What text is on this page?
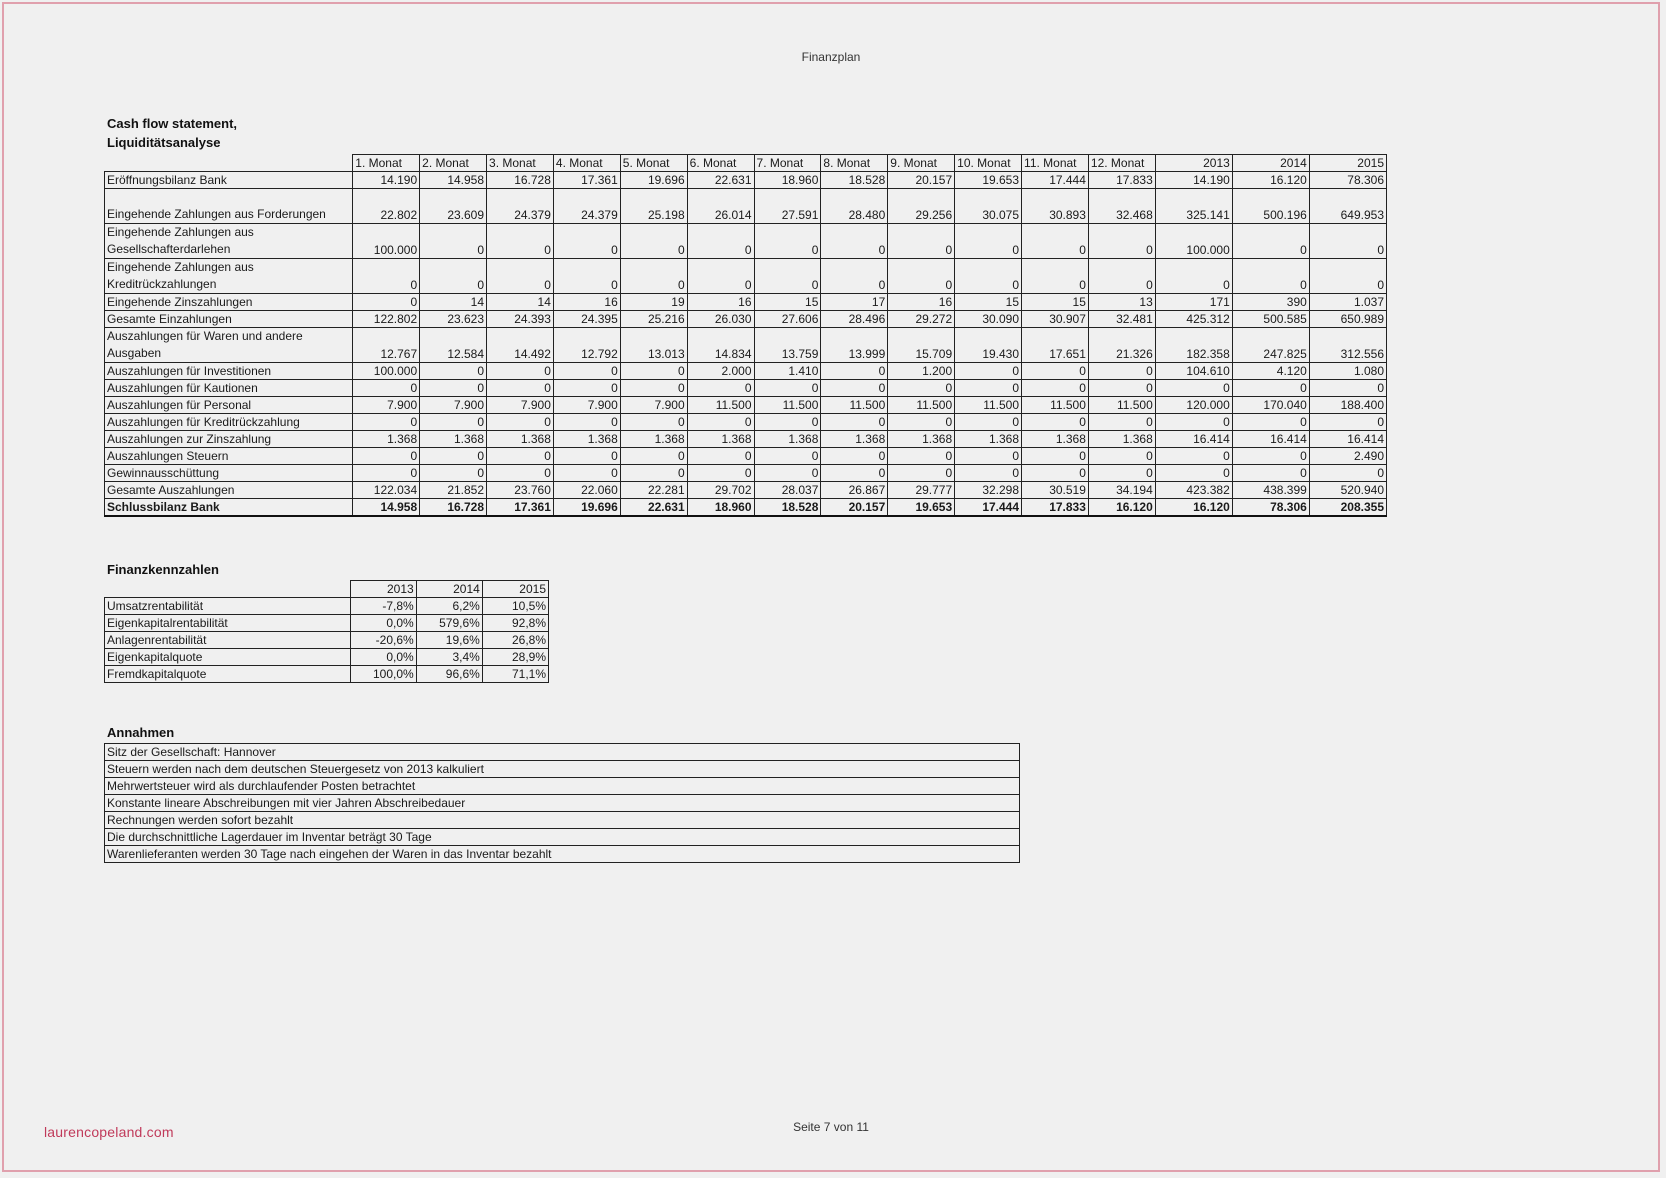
Finanzplan
Cash flow statement,
Liquiditätsanalyse
	1. Monat	2. Monat	3. Monat	4. Monat	5. Monat	6. Monat	7. Monat	8. Monat	9. Monat	10. Monat	11. Monat	12. Monat	2013	2014	2015
Eröffnungsbilanz Bank	14.190	14.958	16.728	17.361	19.696	22.631	18.960	18.528	20.157	19.653	17.444	17.833	14.190	16.120	78.306
Eingehende Zahlungen aus Forderungen	22.802	23.609	24.379	24.379	25.198	26.014	27.591	28.480	29.256	30.075	30.893	32.468	325.141	500.196	649.953
Eingehende Zahlungen aus Gesellschafterdarlehen	100.000	0	0	0	0	0	0	0	0	0	0	0	100.000	0	0
Eingehende Zahlungen aus Kreditrückzahlungen	0	0	0	0	0	0	0	0	0	0	0	0	0	0	0
Eingehende Zinszahlungen	0	14	14	16	19	16	15	17	16	15	15	13	171	390	1.037
Gesamte Einzahlungen	122.802	23.623	24.393	24.395	25.216	26.030	27.606	28.496	29.272	30.090	30.907	32.481	425.312	500.585	650.989
Auszahlungen für Waren und andere Ausgaben	12.767	12.584	14.492	12.792	13.013	14.834	13.759	13.999	15.709	19.430	17.651	21.326	182.358	247.825	312.556
Auszahlungen für Investitionen	100.000	0	0	0	0	2.000	1.410	0	1.200	0	0	0	104.610	4.120	1.080
Auszahlungen für Kautionen	0	0	0	0	0	0	0	0	0	0	0	0	0	0	0
Auszahlungen für Personal	7.900	7.900	7.900	7.900	7.900	11.500	11.500	11.500	11.500	11.500	11.500	11.500	120.000	170.040	188.400
Auszahlungen für Kreditrückzahlung	0	0	0	0	0	0	0	0	0	0	0	0	0	0	0
Auszahlungen zur Zinszahlung	1.368	1.368	1.368	1.368	1.368	1.368	1.368	1.368	1.368	1.368	1.368	1.368	16.414	16.414	16.414
Auszahlungen Steuern	0	0	0	0	0	0	0	0	0	0	0	0	0	0	2.490
Gewinnausschüttung	0	0	0	0	0	0	0	0	0	0	0	0	0	0	0
Gesamte Auszahlungen	122.034	21.852	23.760	22.060	22.281	29.702	28.037	26.867	29.777	32.298	30.519	34.194	423.382	438.399	520.940
Schlussbilanz Bank	14.958	16.728	17.361	19.696	22.631	18.960	18.528	20.157	19.653	17.444	17.833	16.120	16.120	78.306	208.355
Finanzkennzahlen
	2013	2014	2015
Umsatzrentabilität	-7,8%	6,2%	10,5%
Eigenkapitalrentabilität	0,0%	579,6%	92,8%
Anlagenrentabilität	-20,6%	19,6%	26,8%
Eigenkapitalquote	0,0%	3,4%	28,9%
Fremdkapitalquote	100,0%	96,6%	71,1%
Annahmen
Sitz der Gesellschaft: Hannover
Steuern werden nach dem deutschen Steuergesetz von 2013 kalkuliert
Mehrwertsteuer wird als durchlaufender Posten betrachtet
Konstante lineare Abschreibungen mit vier Jahren Abschreibedauer
Rechnungen werden sofort bezahlt
Die durchschnittliche Lagerdauer im Inventar beträgt 30 Tage
Warenlieferanten werden 30 Tage nach eingehen der Waren in das Inventar bezahlt
Seite 7 von 11
laurencopeland.com
